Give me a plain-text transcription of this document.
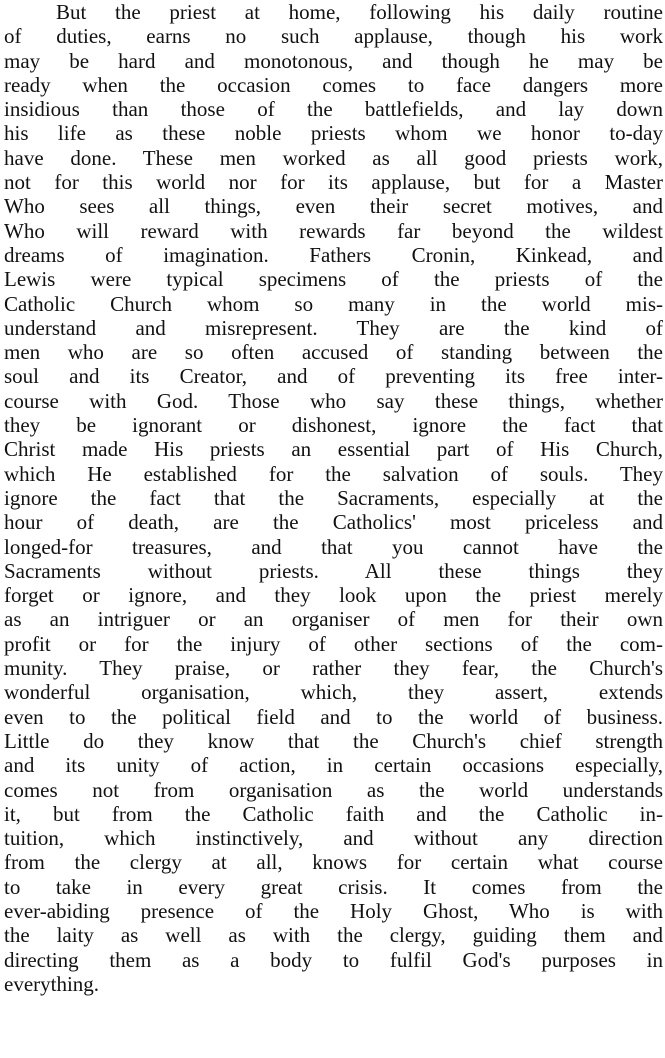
But the priest at home, following his daily routine
of duties, earns no such applause, though his work
may be hard and monotonous, and though he may be
ready when the occasion comes to face dangers more
insidious than those of the battlefields, and lay down
his life as these noble priests whom we honor to-day
have done. These men worked as all good priests work,
not for this world nor for its applause, but for a Master
Who sees all things, even their secret motives, and
Who will reward with rewards far beyond the wildest
dreams of imagination. Fathers Cronin, Kinkead, and
Lewis were typical specimens of the priests of the
Catholic Church whom so many in the world mis-
understand and misrepresent. They are the kind of
men who are so often accused of standing between the
soul and its Creator, and of preventing its free inter-
course with God. Those who say these things, whether
they be ignorant or dishonest, ignore the fact that
Christ made His priests an essential part of His Church,
which He established for the salvation of souls. They
ignore the fact that the Sacraments, especially at the
hour of death, are the Catholics' most priceless and
longed-for treasures, and that you cannot have the
Sacraments without priests. All these things they
forget or ignore, and they look upon the priest merely
as an intriguer or an organiser of men for their own
profit or for the injury of other sections of the com-
munity. They praise, or rather they fear, the Church's
wonderful organisation, which, they assert, extends
even to the political field and to the world of business.
Little do they know that the Church's chief strength
and its unity of action, in certain occasions especially,
comes not from organisation as the world understands
it, but from the Catholic faith and the Catholic in-
tuition, which instinctively, and without any direction
from the clergy at all, knows for certain what course
to take in every great crisis. It comes from the
ever-abiding presence of the Holy Ghost, Who is with
the laity as well as with the clergy, guiding them and
directing them as a body to fulfil God's purposes in
everything.
